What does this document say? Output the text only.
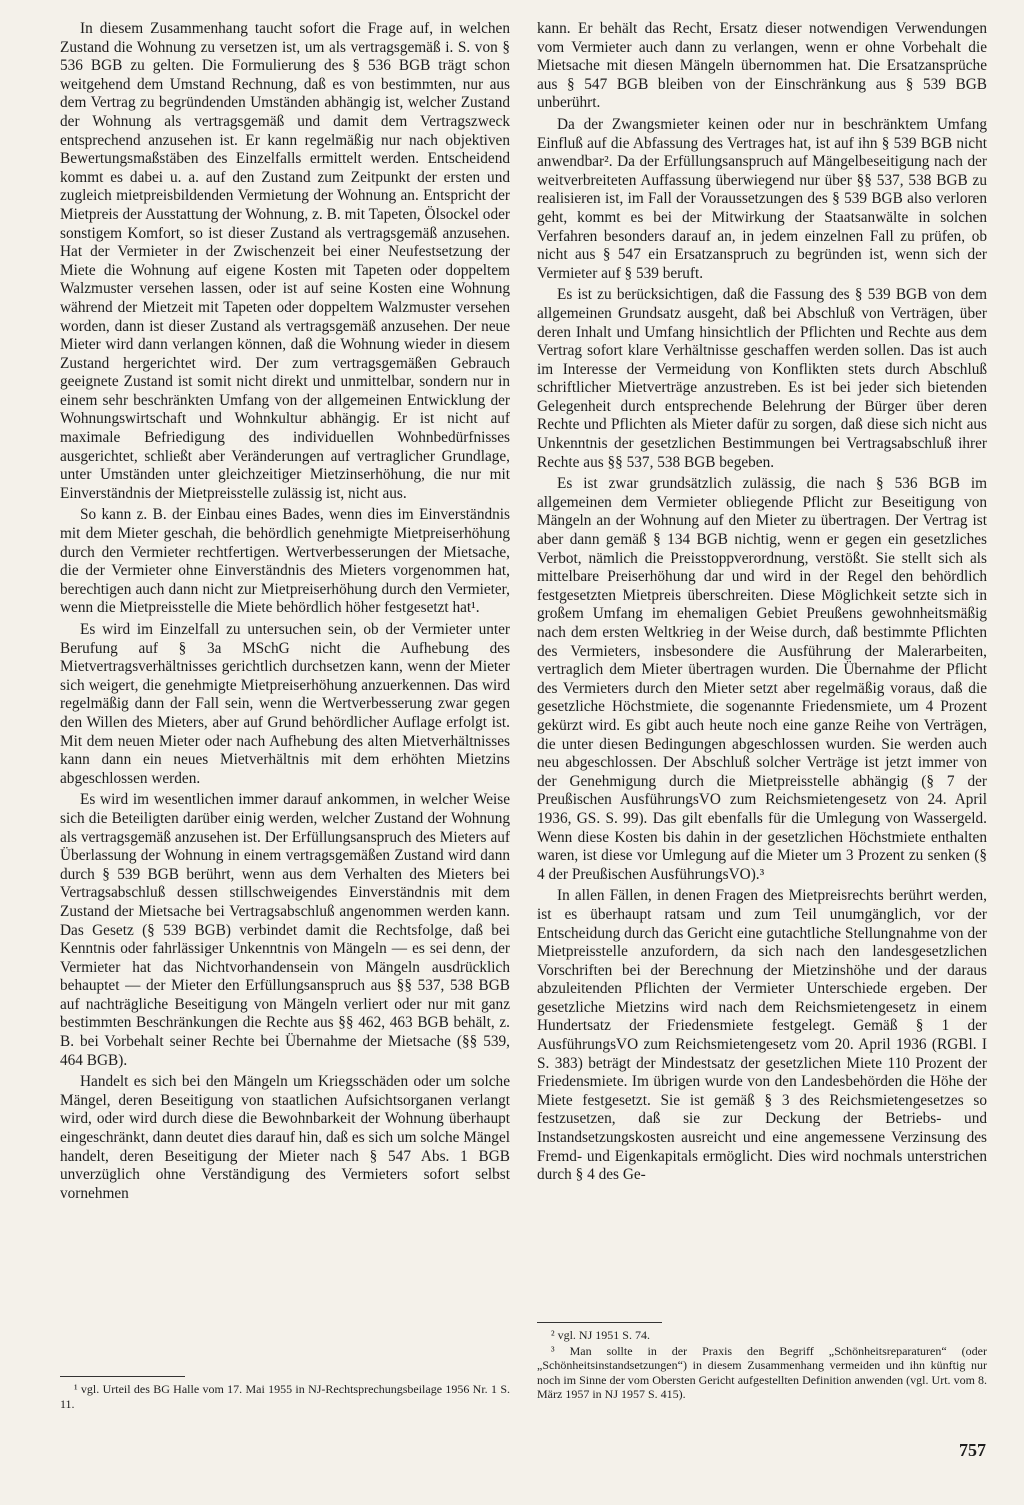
In diesem Zusammenhang taucht sofort die Frage auf, in welchen Zustand die Wohnung zu versetzen ist, um als vertragsgemäß i. S. von § 536 BGB zu gelten. Die Formulierung des § 536 BGB trägt schon weitgehend dem Umstand Rechnung, daß es von bestimmten, nur aus dem Vertrag zu begründenden Umständen abhängig ist, welcher Zustand der Wohnung als vertragsgemäß und damit dem Vertragszweck entsprechend anzusehen ist. Er kann regelmäßig nur nach objektiven Bewertungsmaßstäben des Einzelfalls ermittelt werden. Entscheidend kommt es dabei u. a. auf den Zustand zum Zeitpunkt der ersten und zugleich mietpreisbildenden Vermietung der Wohnung an. Entspricht der Mietpreis der Ausstattung der Wohnung, z. B. mit Tapeten, Ölsockel oder sonstigem Komfort, so ist dieser Zustand als vertragsgemäß anzusehen. Hat der Vermieter in der Zwischenzeit bei einer Neufestsetzung der Miete die Wohnung auf eigene Kosten mit Tapeten oder doppeltem Walzmuster versehen lassen, oder ist auf seine Kosten eine Wohnung während der Mietzeit mit Tapeten oder doppeltem Walzmuster versehen worden, dann ist dieser Zustand als vertragsgemäß anzusehen. Der neue Mieter wird dann verlangen können, daß die Wohnung wieder in diesem Zustand hergerichtet wird. Der zum vertragsgemäßen Gebrauch geeignete Zustand ist somit nicht direkt und unmittelbar, sondern nur in einem sehr beschränkten Umfang von der allgemeinen Entwicklung der Wohnungswirtschaft und Wohnkultur abhängig. Er ist nicht auf maximale Befriedigung des individuellen Wohnbedürfnisses ausgerichtet, schließt aber Veränderungen auf vertraglicher Grundlage, unter Umständen unter gleichzeitiger Mietzinserhöhung, die nur mit Einverständnis der Mietpreisstelle zulässig ist, nicht aus.

So kann z. B. der Einbau eines Bades, wenn dies im Einverständnis mit dem Mieter geschah, die behördlich genehmigte Mietpreiserhöhung durch den Vermieter rechtfertigen. Wertverbesserungen der Mietsache, die der Vermieter ohne Einverständnis des Mieters vorgenommen hat, berechtigen auch dann nicht zur Mietpreiserhöhung durch den Vermieter, wenn die Mietpreisstelle die Miete behördlich höher festgesetzt hat¹.

Es wird im Einzelfall zu untersuchen sein, ob der Vermieter unter Berufung auf § 3a MSchG nicht die Aufhebung des Mietvertragsverhältnisses gerichtlich durchsetzen kann, wenn der Mieter sich weigert, die genehmigte Mietpreiserhöhung anzuerkennen. Das wird regelmäßig dann der Fall sein, wenn die Wertverbesserung zwar gegen den Willen des Mieters, aber auf Grund behördlicher Auflage erfolgt ist. Mit dem neuen Mieter oder nach Aufhebung des alten Mietverhältnisses kann dann ein neues Mietverhältnis mit dem erhöhten Mietzins abgeschlossen werden.

Es wird im wesentlichen immer darauf ankommen, in welcher Weise sich die Beteiligten darüber einig werden, welcher Zustand der Wohnung als vertragsgemäß anzusehen ist. Der Erfüllungsanspruch des Mieters auf Überlassung der Wohnung in einem vertragsgemäßen Zustand wird dann durch § 539 BGB berührt, wenn aus dem Verhalten des Mieters bei Vertragsabschluß dessen stillschweigendes Einverständnis mit dem Zustand der Mietsache bei Vertragsabschluß angenommen werden kann. Das Gesetz (§ 539 BGB) verbindet damit die Rechtsfolge, daß bei Kenntnis oder fahrlässiger Unkenntnis von Mängeln — es sei denn, der Vermieter hat das Nichtvorhandensein von Mängeln ausdrücklich behauptet — der Mieter den Erfüllungsanspruch aus §§ 537, 538 BGB auf nachträgliche Beseitigung von Mängeln verliert oder nur mit ganz bestimmten Beschränkungen die Rechte aus §§ 462, 463 BGB behält, z. B. bei Vorbehalt seiner Rechte bei Übernahme der Mietsache (§§ 539, 464 BGB).

Handelt es sich bei den Mängeln um Kriegsschäden oder um solche Mängel, deren Beseitigung von staatlichen Aufsichtsorganen verlangt wird, oder wird durch diese die Bewohnbarkeit der Wohnung überhaupt eingeschränkt, dann deutet dies darauf hin, daß es sich um solche Mängel handelt, deren Beseitigung der Mieter nach § 547 Abs. 1 BGB unverzüglich ohne Verständigung des Vermieters sofort selbst vornehmen

¹ vgl. Urteil des BG Halle vom 17. Mai 1955 in NJ-Rechtsprechungsbeilage 1956 Nr. 1 S. 11.

kann. Er behält das Recht, Ersatz dieser notwendigen Verwendungen vom Vermieter auch dann zu verlangen, wenn er ohne Vorbehalt die Mietsache mit diesen Mängeln übernommen hat. Die Ersatzansprüche aus § 547 BGB bleiben von der Einschränkung aus § 539 BGB unberührt.

Da der Zwangsmieter keinen oder nur in beschränktem Umfang Einfluß auf die Abfassung des Vertrages hat, ist auf ihn § 539 BGB nicht anwendbar². Da der Erfüllungsanspruch auf Mängelbeseitigung nach der weitverbreiteten Auffassung überwiegend nur über §§ 537, 538 BGB zu realisieren ist, im Fall der Voraussetzungen des § 539 BGB also verloren geht, kommt es bei der Mitwirkung der Staatsanwälte in solchen Verfahren besonders darauf an, in jedem einzelnen Fall zu prüfen, ob nicht aus § 547 ein Ersatzanspruch zu begründen ist, wenn sich der Vermieter auf § 539 beruft.

Es ist zu berücksichtigen, daß die Fassung des § 539 BGB von dem allgemeinen Grundsatz ausgeht, daß bei Abschluß von Verträgen, über deren Inhalt und Umfang hinsichtlich der Pflichten und Rechte aus dem Vertrag sofort klare Verhältnisse geschaffen werden sollen. Das ist auch im Interesse der Vermeidung von Konflikten stets durch Abschluß schriftlicher Mietverträge anzustreben. Es ist bei jeder sich bietenden Gelegenheit durch entsprechende Belehrung der Bürger über deren Rechte und Pflichten als Mieter dafür zu sorgen, daß diese sich nicht aus Unkenntnis der gesetzlichen Bestimmungen bei Vertragsabschluß ihrer Rechte aus §§ 537, 538 BGB begeben.

Es ist zwar grundsätzlich zulässig, die nach § 536 BGB im allgemeinen dem Vermieter obliegende Pflicht zur Beseitigung von Mängeln an der Wohnung auf den Mieter zu übertragen. Der Vertrag ist aber dann gemäß § 134 BGB nichtig, wenn er gegen ein gesetzliches Verbot, nämlich die Preisstoppverordnung, verstößt. Sie stellt sich als mittelbare Preiserhöhung dar und wird in der Regel den behördlich festgesetzten Mietpreis überschreiten. Diese Möglichkeit setzte sich in großem Umfang im ehemaligen Gebiet Preußens gewohnheitsmäßig nach dem ersten Weltkrieg in der Weise durch, daß bestimmte Pflichten des Vermieters, insbesondere die Ausführung der Malerarbeiten, vertraglich dem Mieter übertragen wurden. Die Übernahme der Pflicht des Vermieters durch den Mieter setzt aber regelmäßig voraus, daß die gesetzliche Höchstmiete, die sogenannte Friedensmiete, um 4 Prozent gekürzt wird. Es gibt auch heute noch eine ganze Reihe von Verträgen, die unter diesen Bedingungen abgeschlossen wurden. Sie werden auch neu abgeschlossen. Der Abschluß solcher Verträge ist jetzt immer von der Genehmigung durch die Mietpreisstelle abhängig (§ 7 der Preußischen AusführungsVO zum Reichsmietengesetz von 24. April 1936, GS. S. 99). Das gilt ebenfalls für die Umlegung von Wassergeld. Wenn diese Kosten bis dahin in der gesetzlichen Höchstmiete enthalten waren, ist diese vor Umlegung auf die Mieter um 3 Prozent zu senken (§ 4 der Preußischen AusführungsVO).³

In allen Fällen, in denen Fragen des Mietpreisrechts berührt werden, ist es überhaupt ratsam und zum Teil unumgänglich, vor der Entscheidung durch das Gericht eine gutachtliche Stellungnahme von der Mietpreisstelle anzufordern, da sich nach den landesgesetzlichen Vorschriften bei der Berechnung der Mietzinshöhe und der daraus abzuleitenden Pflichten der Vermieter Unterschiede ergeben. Der gesetzliche Mietzins wird nach dem Reichsmietengesetz in einem Hundertsatz der Friedensmiete festgelegt. Gemäß § 1 der AusführungsVO zum Reichsmietengesetz vom 20. April 1936 (RGBl. I S. 383) beträgt der Mindestsatz der gesetzlichen Miete 110 Prozent der Friedensmiete. Im übrigen wurde von den Landesbehörden die Höhe der Miete festgesetzt. Sie ist gemäß § 3 des Reichsmietengesetzes so festzusetzen, daß sie zur Deckung der Betriebs- und Instandsetzungskosten ausreicht und eine angemessene Verzinsung des Fremd- und Eigenkapitals ermöglicht. Dies wird nochmals unterstrichen durch § 4 des Ge-

² vgl. NJ 1951 S. 74.

³ Man sollte in der Praxis den Begriff „Schönheitsreparaturen“ (oder „Schönheitsinstandsetzungen“) in diesem Zusammenhang vermeiden und ihn künftig nur noch im Sinne der vom Obersten Gericht aufgestellten Definition anwenden (vgl. Urt. vom 8. März 1957 in NJ 1957 S. 415).

757
